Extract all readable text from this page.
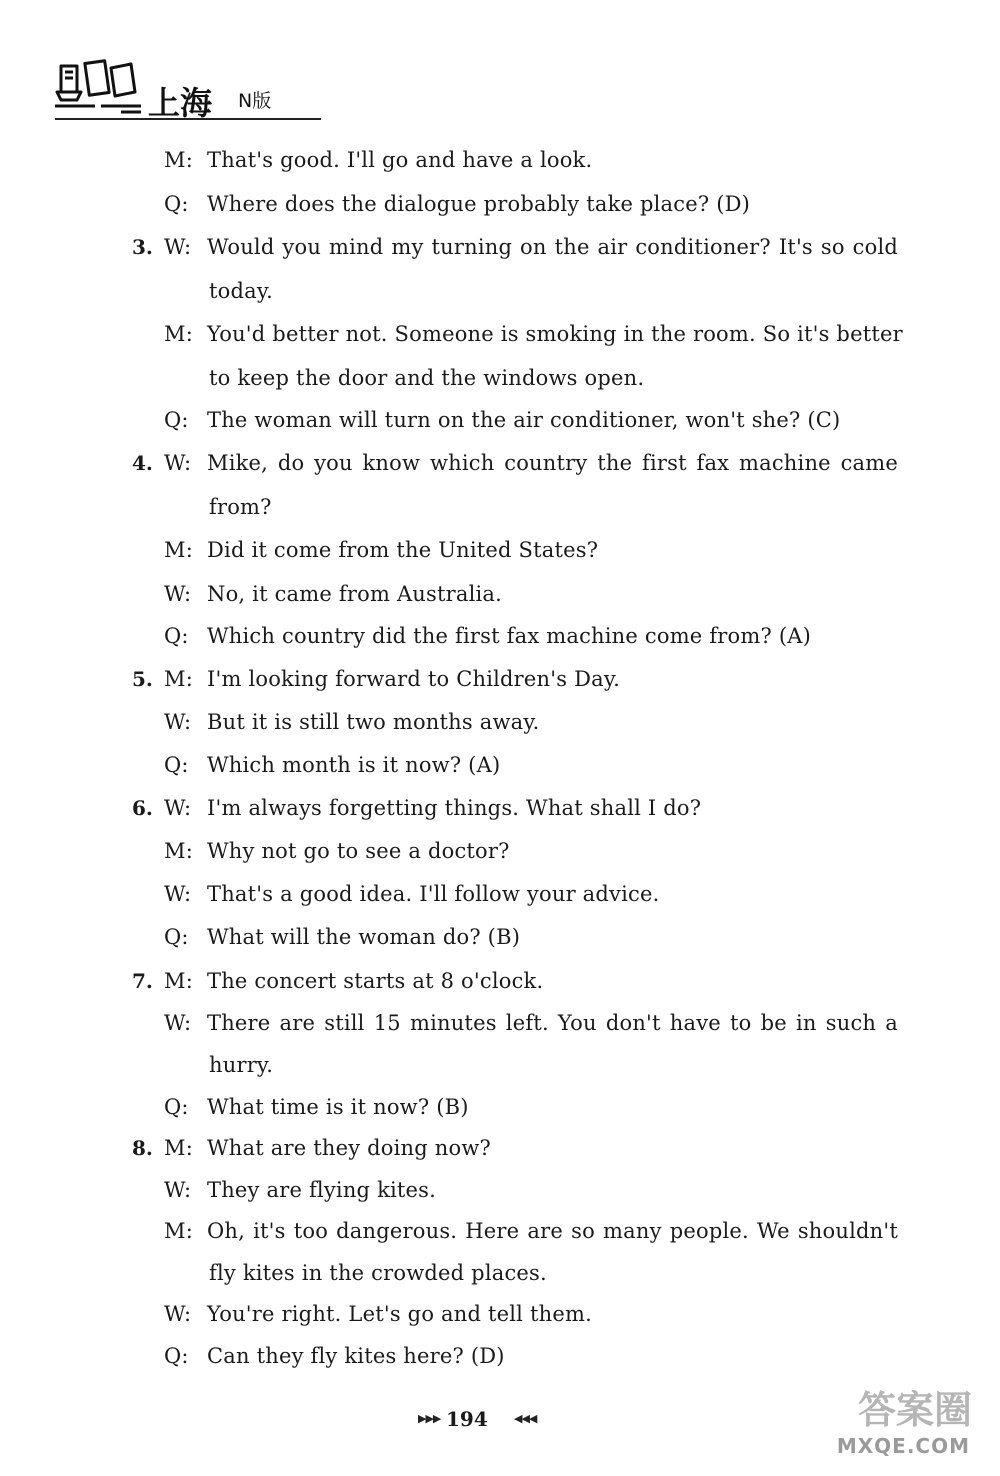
上海 N版
M: That's good. I'll go and have a look.
Q: Where does the dialogue probably take place? (D)
3. W: Would you mind my turning on the air conditioner? It's so cold
today.
M: You'd better not. Someone is smoking in the room. So it's better
to keep the door and the windows open.
Q: The woman will turn on the air conditioner, won't she? (C)
4. W: Mike, do you know which country the first fax machine came
from?
M: Did it come from the United States?
W: No, it came from Australia.
Q: Which country did the first fax machine come from? (A)
5. M: I'm looking forward to Children's Day.
W: But it is still two months away.
Q: Which month is it now? (A)
6. W: I'm always forgetting things. What shall I do?
M: Why not go to see a doctor?
W: That's a good idea. I'll follow your advice.
Q: What will the woman do? (B)
7. M: The concert starts at 8 o'clock.
W: There are still 15 minutes left. You don't have to be in such a
hurry.
Q: What time is it now? (B)
8. M: What are they doing now?
W: They are flying kites.
M: Oh, it's too dangerous. Here are so many people. We shouldn't
fly kites in the crowded places.
W: You're right. Let's go and tell them.
Q: Can they fly kites here? (D)
▶▶▶ 194 ◀◀◀	答案圈
MXQE.COM
